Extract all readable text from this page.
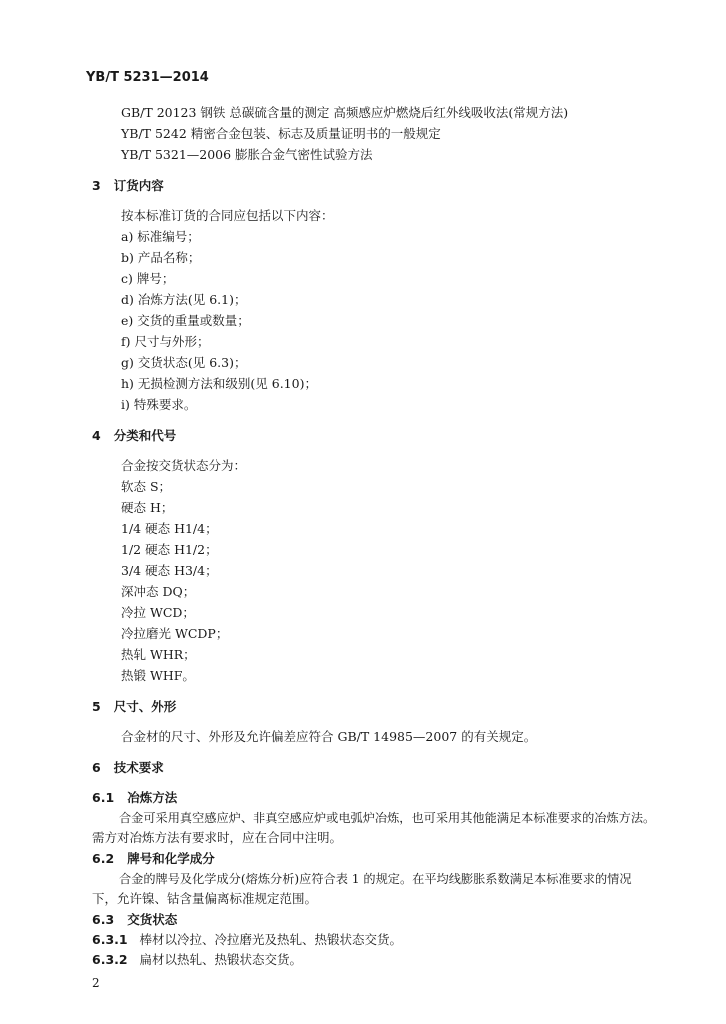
YB/T 5231—2014
GB/T 20123 钢铁 总碳硫含量的测定 高频感应炉燃烧后红外线吸收法(常规方法)
YB/T 5242 精密合金包装、标志及质量证明书的一般规定
YB/T 5321—2006 膨胀合金气密性试验方法
3 订货内容
按本标准订货的合同应包括以下内容：
a) 标准编号；
b) 产品名称；
c) 牌号；
d) 冶炼方法(见 6.1)；
e) 交货的重量或数量；
f) 尺寸与外形；
g) 交货状态(见 6.3)；
h) 无损检测方法和级别(见 6.10)；
i) 特殊要求。
4 分类和代号
合金按交货状态分为：
软态 S；
硬态 H；
1/4 硬态 H1/4；
1/2 硬态 H1/2；
3/4 硬态 H3/4；
深冲态 DQ；
冷拉 WCD；
冷拉磨光 WCDP；
热轧 WHR；
热锻 WHF。
5 尺寸、外形
合金材的尺寸、外形及允许偏差应符合 GB/T 14985—2007 的有关规定。
6 技术要求
6.1 冶炼方法
合金可采用真空感应炉、非真空感应炉或电弧炉冶炼，也可采用其他能满足本标准要求的冶炼方法。
需方对冶炼方法有要求时，应在合同中注明。
6.2 牌号和化学成分
合金的牌号及化学成分(熔炼分析)应符合表 1 的规定。在平均线膨胀系数满足本标准要求的情况
下，允许镍、钴含量偏离标准规定范围。
6.3 交货状态
6.3.1 棒材以冷拉、冷拉磨光及热轧、热锻状态交货。
6.3.2 扁材以热轧、热锻状态交货。
2
